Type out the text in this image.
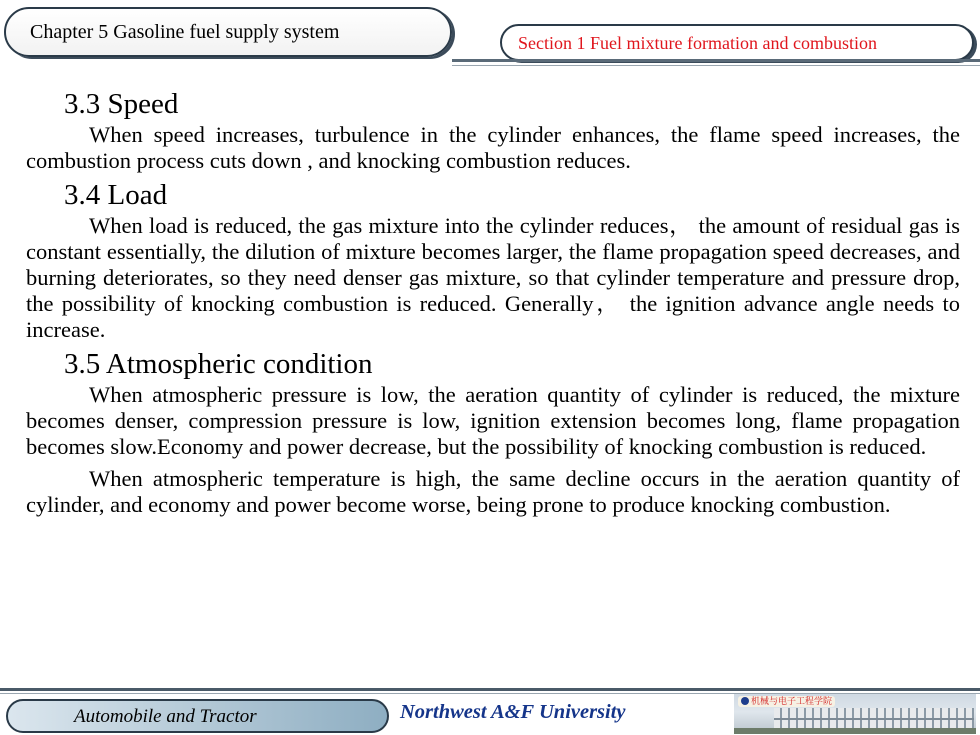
Chapter 5 Gasoline fuel supply system	Section 1 Fuel mixture formation and combustion
3.3 Speed

When speed increases, turbulence in the cylinder enhances, the flame speed increases, the combustion process cuts down , and knocking combustion reduces.

3.4 Load

When load is reduced, the gas mixture into the cylinder reduces， the amount of residual gas is constant essentially, the dilution of mixture becomes larger, the flame propagation speed decreases, and burning deteriorates, so they need denser gas mixture, so that cylinder temperature and pressure drop, the possibility of knocking combustion is reduced. Generally， the ignition advance angle needs to increase.

3.5 Atmospheric condition

When atmospheric pressure is low, the aeration quantity of cylinder is reduced, the mixture becomes denser, compression pressure is low, ignition extension becomes long, flame propagation becomes slow.Economy and power decrease, but the possibility of knocking combustion is reduced.

When atmospheric temperature is high, the same decline occurs in the aeration quantity of cylinder, and economy and power become worse, being prone to produce knocking combustion.

Automobile and Tractor	Northwest A&F University	机械与电子工程学院
